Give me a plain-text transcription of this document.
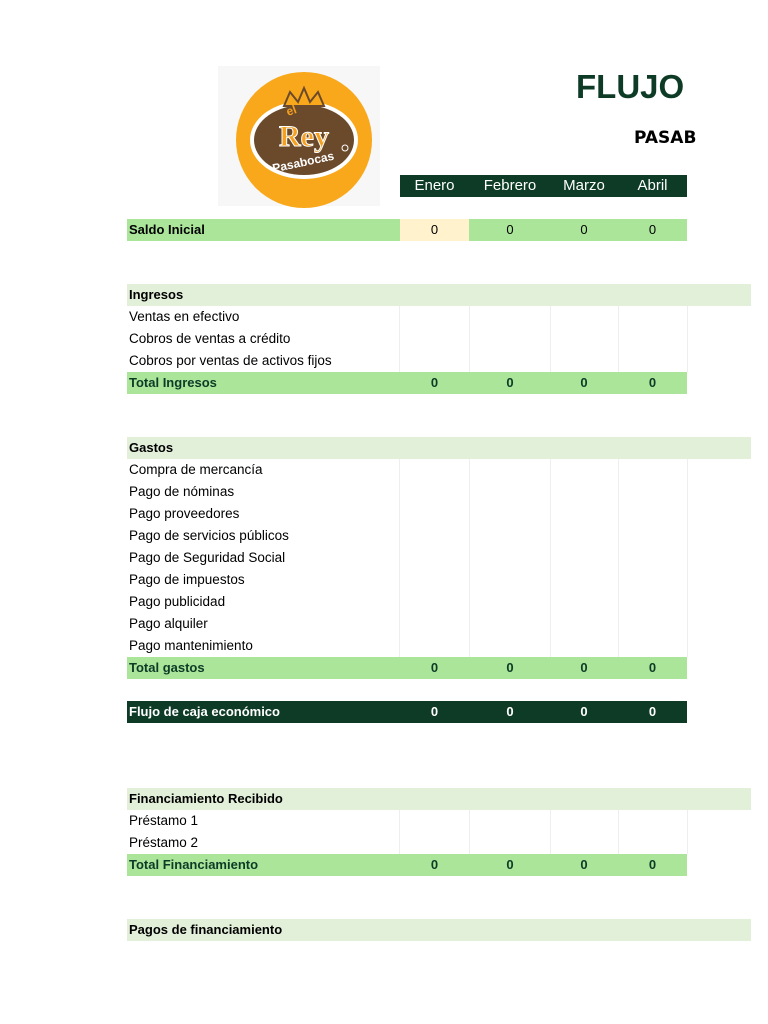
FLUJO
PASAB
el
Rey
Pasabocas
Enero	Febrero	Marzo	Abril
Saldo Inicial	0	0	0	0
Ingresos
Ventas en efectivo
Cobros de ventas a crédito
Cobros por ventas de activos fijos
Total Ingresos	0	0	0	0
Gastos
Compra de mercancía
Pago de nóminas
Pago proveedores
Pago de servicios públicos
Pago de Seguridad Social
Pago de impuestos
Pago publicidad
Pago alquiler
Pago mantenimiento
Total gastos	0	0	0	0
Flujo de caja económico	0	0	0	0
Financiamiento Recibido
Préstamo 1
Préstamo 2
Total Financiamiento	0	0	0	0
Pagos de financiamiento
